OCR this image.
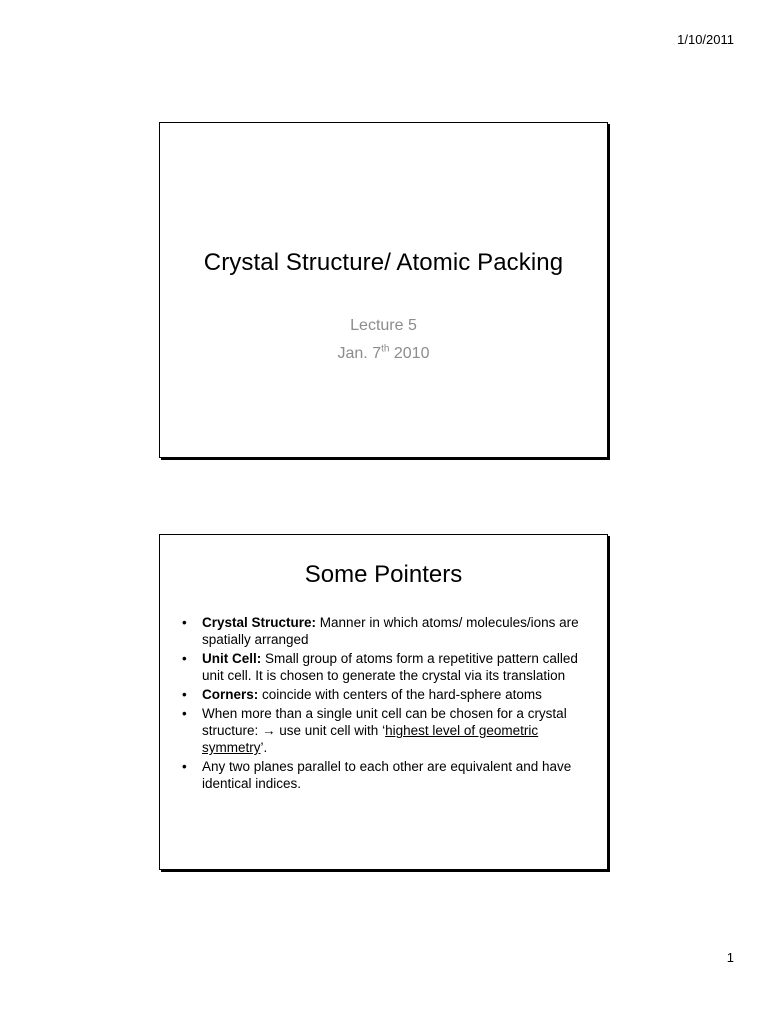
1/10/2011
Crystal Structure/ Atomic Packing
Lecture 5
Jan. 7th 2010
Some Pointers
•	Crystal Structure: Manner in which atoms/ molecules/ions are spatially arranged
•	Unit Cell: Small group of atoms form a repetitive pattern called unit cell. It is chosen to generate the crystal via its translation
•	Corners: coincide with centers of the hard-sphere atoms
•	When more than a single unit cell can be chosen for a crystal structure: → use unit cell with ‘highest level of geometric symmetry’.
•	Any two planes parallel to each other are equivalent and have identical indices.
1
